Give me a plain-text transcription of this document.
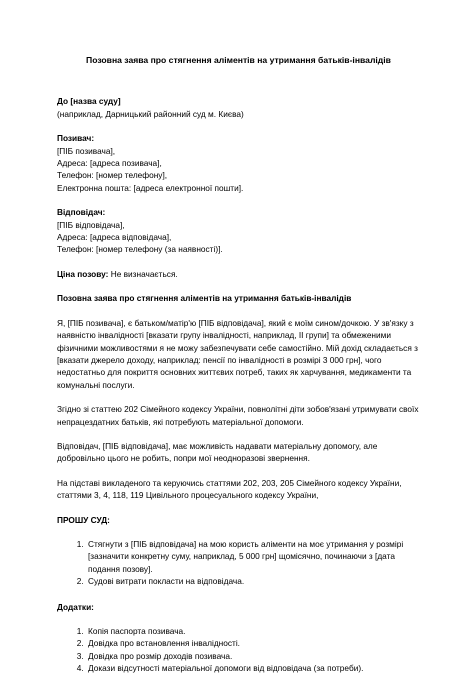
Позовна заява про стягнення аліментів на утримання батьків-інвалідів
До [назва суду]
(наприклад, Дарницький районний суд м. Києва)
Позивач:
[ПІБ позивача],
Адреса: [адреса позивача],
Телефон: [номер телефону],
Електронна пошта: [адреса електронної пошти].
Відповідач:
[ПІБ відповідача],
Адреса: [адреса відповідача],
Телефон: [номер телефону (за наявності)].
Ціна позову: Не визначається.
Позовна заява про стягнення аліментів на утримання батьків-інвалідів

Я, [ПІБ позивача], є батьком/матір'ю [ПІБ відповідача], який є моїм сином/дочкою. У зв'язку з наявністю інвалідності [вказати групу інвалідності, наприклад, II групи] та обмеженими фізичними можливостями я не можу забезпечувати себе самостійно. Мій дохід складається з [вказати джерело доходу, наприклад: пенсії по інвалідності в розмірі 3 000 грн], чого недостатньо для покриття основних життєвих потреб, таких як харчування, медикаменти та комунальні послуги.

Згідно зі статтею 202 Сімейного кодексу України, повнолітні діти зобов'язані утримувати своїх непрацездатних батьків, які потребують матеріальної допомоги.

Відповідач, [ПІБ відповідача], має можливість надавати матеріальну допомогу, але добровільно цього не робить, попри мої неодноразові звернення.

На підставі викладеного та керуючись статтями 202, 203, 205 Сімейного кодексу України, статтями 3, 4, 118, 119 Цивільного процесуального кодексу України,

ПРОШУ СУД:
1. Стягнути з [ПІБ відповідача] на мою користь аліменти на моє утримання у розмірі [зазначити конкретну суму, наприклад, 5 000 грн] щомісячно, починаючи з [дата подання позову].
2. Судові витрати покласти на відповідача.
Додатки:
1. Копія паспорта позивача.
2. Довідка про встановлення інвалідності.
3. Довідка про розмір доходів позивача.
4. Докази відсутності матеріальної допомоги від відповідача (за потреби).
